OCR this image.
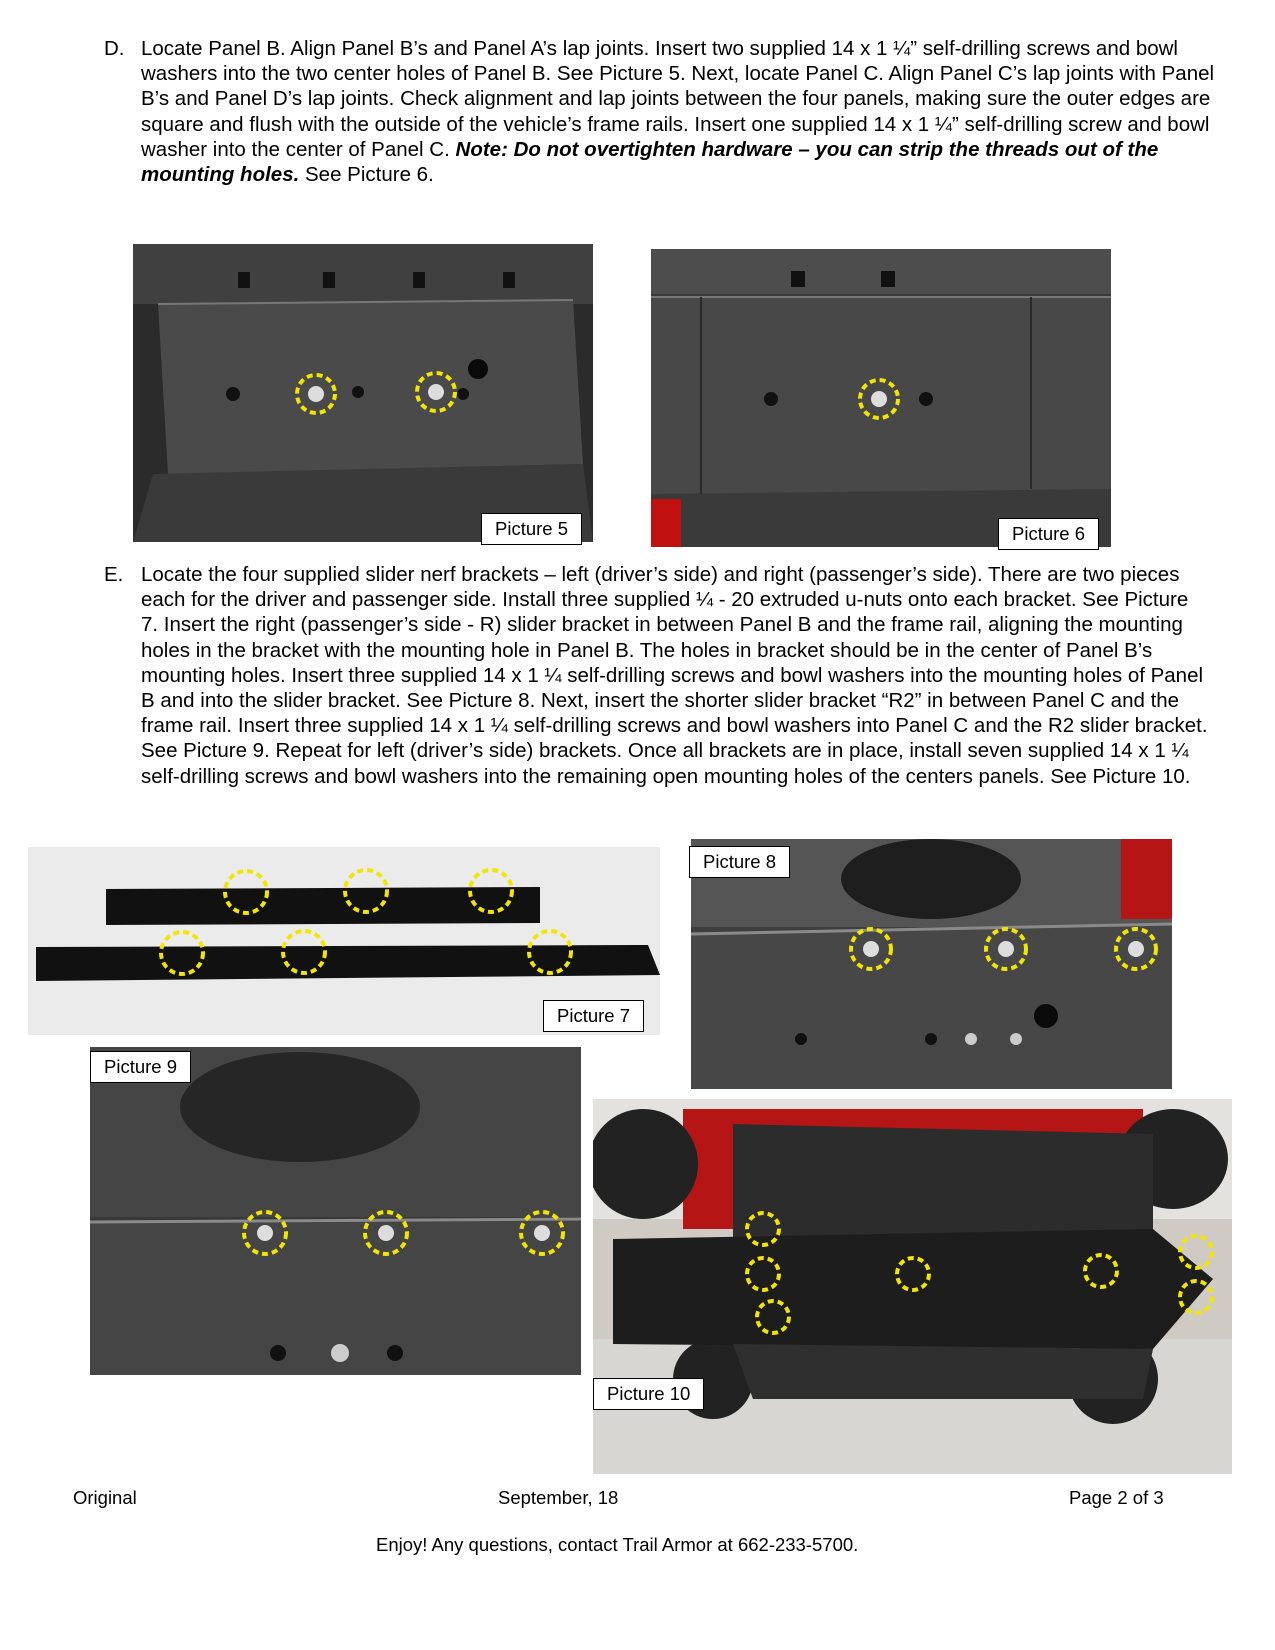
D. Locate Panel B. Align Panel B’s and Panel A’s lap joints. Insert two supplied 14 x 1 ¼” self-drilling screws and bowl washers into the two center holes of Panel B. See Picture 5. Next, locate Panel C. Align Panel C’s lap joints with Panel B’s and Panel D’s lap joints. Check alignment and lap joints between the four panels, making sure the outer edges are square and flush with the outside of the vehicle’s frame rails. Insert one supplied 14 x 1 ¼” self-drilling screw and bowl washer into the center of Panel C. Note: Do not overtighten hardware – you can strip the threads out of the mounting holes. See Picture 6.
Picture 5	Picture 6
E. Locate the four supplied slider nerf brackets – left (driver’s side) and right (passenger’s side). There are two pieces each for the driver and passenger side. Install three supplied ¼ - 20 extruded u-nuts onto each bracket. See Picture 7. Insert the right (passenger’s side - R) slider bracket in between Panel B and the frame rail, aligning the mounting holes in the bracket with the mounting hole in Panel B. The holes in bracket should be in the center of Panel B’s mounting holes. Insert three supplied 14 x 1 ¼ self-drilling screws and bowl washers into the mounting holes of Panel B and into the slider bracket. See Picture 8. Next, insert the shorter slider bracket “R2” in between Panel C and the frame rail. Insert three supplied 14 x 1 ¼ self-drilling screws and bowl washers into Panel C and the R2 slider bracket. See Picture 9. Repeat for left (driver’s side) brackets. Once all brackets are in place, install seven supplied 14 x 1 ¼ self-drilling screws and bowl washers into the remaining open mounting holes of the centers panels. See Picture 10.
Picture 7
Picture 8
Picture 9
Picture 10
Original	September, 18	Page 2 of 3
Enjoy! Any questions, contact Trail Armor at 662-233-5700.
